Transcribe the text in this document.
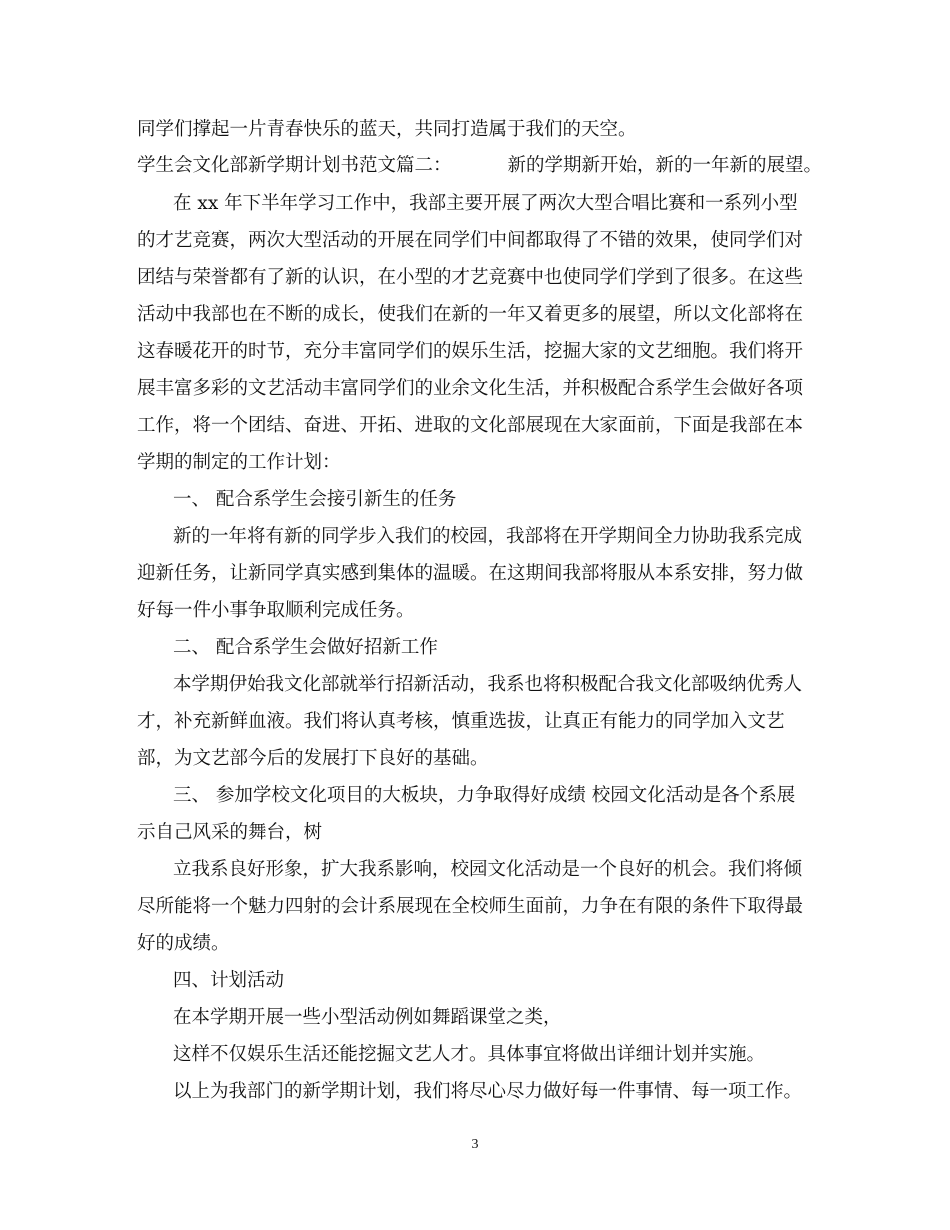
同学们撑起一片青春快乐的蓝天，共同打造属于我们的天空。
学生会文化部新学期计划书范文篇二：	新的学期新开始，新的一年新的展望。
在 xx 年下半年学习工作中，我部主要开展了两次大型合唱比赛和一系列小型
的才艺竞赛，两次大型活动的开展在同学们中间都取得了不错的效果，使同学们对
团结与荣誉都有了新的认识，在小型的才艺竞赛中也使同学们学到了很多。在这些
活动中我部也在不断的成长，使我们在新的一年又着更多的展望，所以文化部将在
这春暖花开的时节，充分丰富同学们的娱乐生活，挖掘大家的文艺细胞。我们将开
展丰富多彩的文艺活动丰富同学们的业余文化生活，并积极配合系学生会做好各项
工作，将一个团结、奋进、开拓、进取的文化部展现在大家面前，下面是我部在本
学期的制定的工作计划：
一、 配合系学生会接引新生的任务
新的一年将有新的同学步入我们的校园，我部将在开学期间全力协助我系完成
迎新任务，让新同学真实感到集体的温暖。在这期间我部将服从本系安排，努力做
好每一件小事争取顺利完成任务。
二、 配合系学生会做好招新工作
本学期伊始我文化部就举行招新活动，我系也将积极配合我文化部吸纳优秀人
才，补充新鲜血液。我们将认真考核，慎重选拔，让真正有能力的同学加入文艺
部，为文艺部今后的发展打下良好的基础。
三、 参加学校文化项目的大板块，力争取得好成绩 校园文化活动是各个系展
示自己风采的舞台，树
立我系良好形象，扩大我系影响，校园文化活动是一个良好的机会。我们将倾
尽所能将一个魅力四射的会计系展现在全校师生面前，力争在有限的条件下取得最
好的成绩。
四、计划活动
在本学期开展一些小型活动例如舞蹈课堂之类，
这样不仅娱乐生活还能挖掘文艺人才。具体事宜将做出详细计划并实施。
以上为我部门的新学期计划，我们将尽心尽力做好每一件事情、每一项工作。
3
